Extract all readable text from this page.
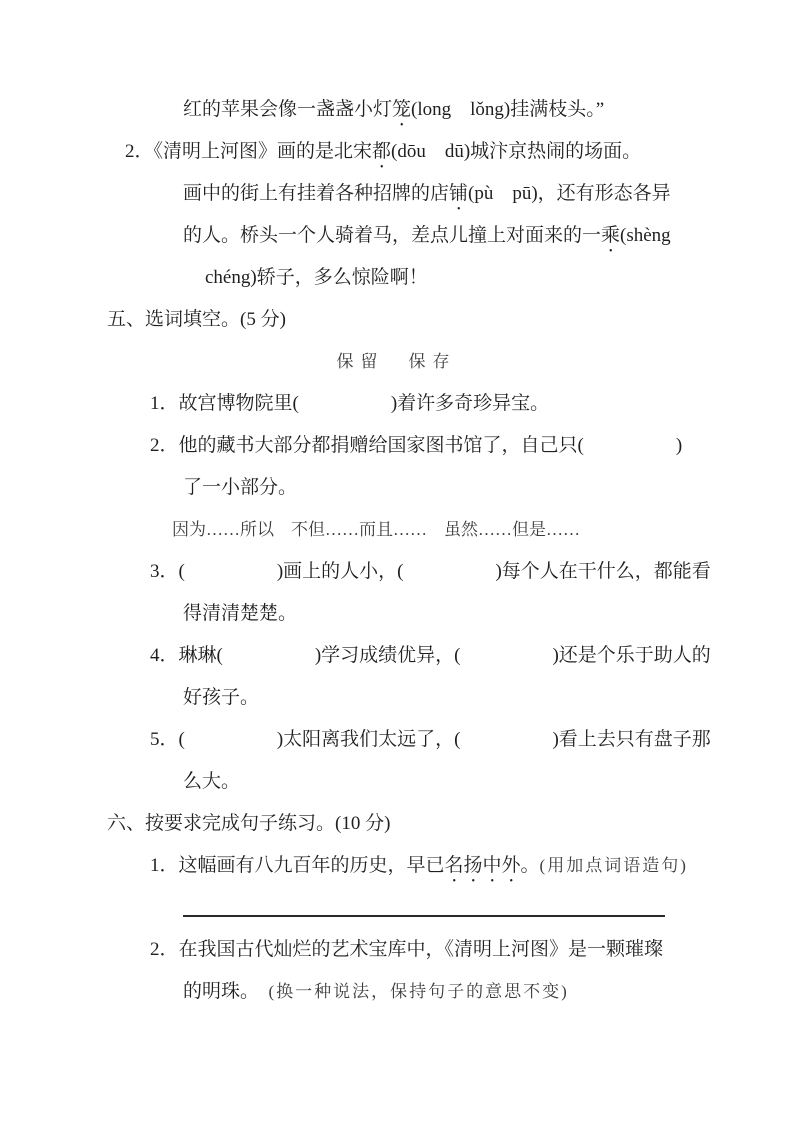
红的苹果会像一盏盏小灯笼(long　lǒng)挂满枝头。”
2．《清明上河图》画的是北宋都(dōu　dū)城汴京热闹的场面。
画中的街上有挂着各种招牌的店铺(pù　pū)，还有形态各异
的人。桥头一个人骑着马，差点儿撞上对面来的一乘(shèng
chéng)轿子，多么惊险啊！
五、选词填空。(5 分)
保留　保存
1．故宫博物院里(	)着许多奇珍异宝。
2．他的藏书大部分都捐赠给国家图书馆了，自己只(	)
了一小部分。
因为……所以　不但……而且……　虽然……但是……
3．(	)画上的人小，(	)每个人在干什么，都能看
得清清楚楚。
4．琳琳(	)学习成绩优异，(	)还是个乐于助人的
好孩子。
5．(	)太阳离我们太远了，(	)看上去只有盘子那
么大。
六、按要求完成句子练习。(10 分)
1．这幅画有八九百年的历史，早已名扬中外。(用加点词语造句)
2．在我国古代灿烂的艺术宝库中，《清明上河图》是一颗璀璨
的明珠。　(换一种说法，保持句子的意思不变)
